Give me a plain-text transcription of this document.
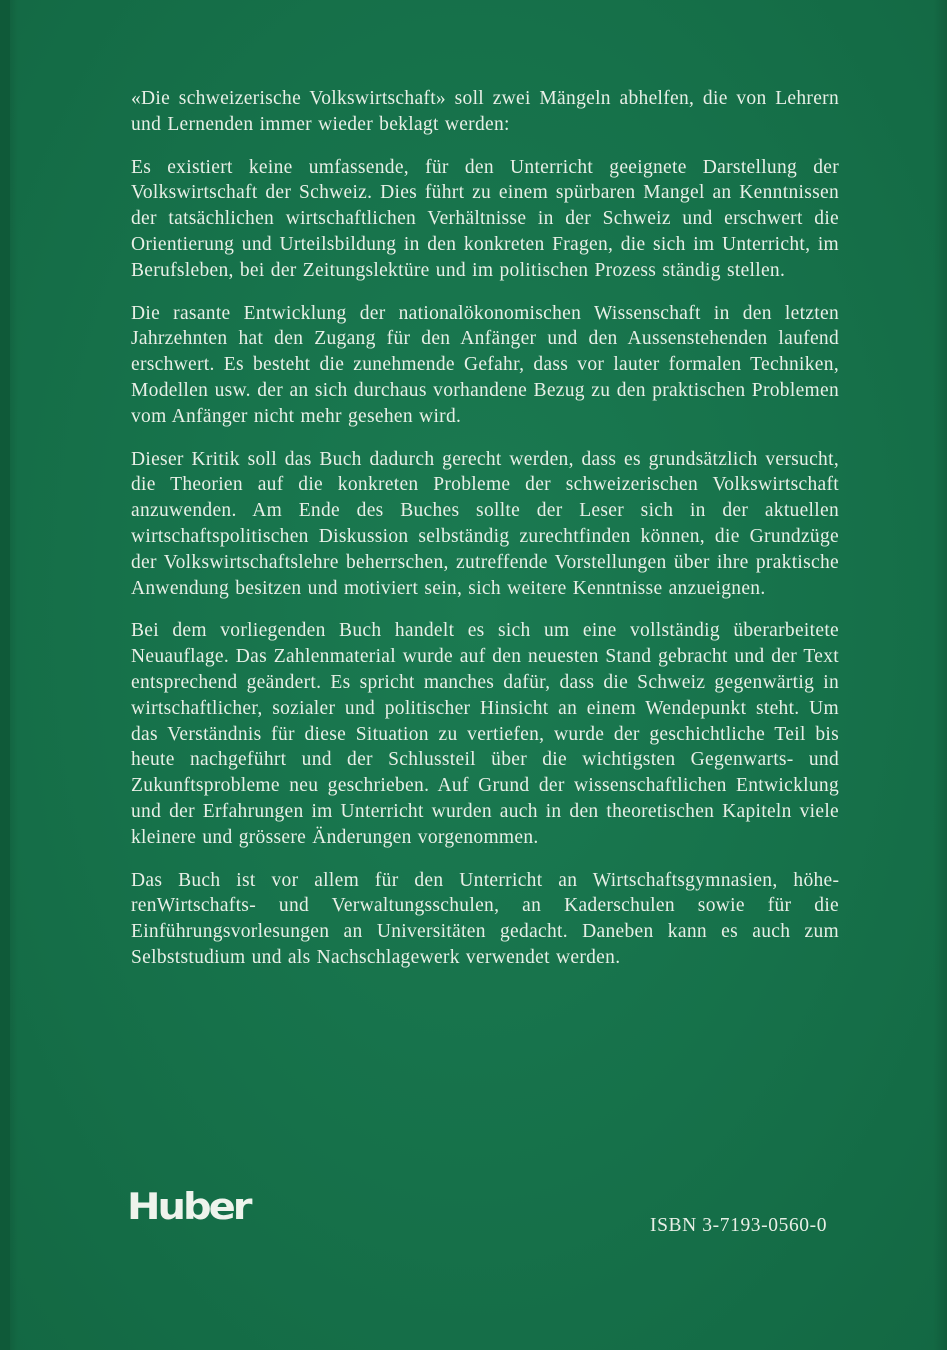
«Die schweizerische Volkswirtschaft» soll zwei Mängeln abhelfen, die von Lehrern und Lernenden immer wieder beklagt werden:

Es existiert keine umfassende, für den Unterricht geeignete Darstellung der Volkswirtschaft der Schweiz. Dies führt zu einem spürbaren Mangel an Kenntnissen der tatsächlichen wirtschaftlichen Verhältnisse in der Schweiz und erschwert die Orientierung und Urteilsbildung in den konkreten Fragen, die sich im Unterricht, im Berufsleben, bei der Zeitungslektüre und im politischen Prozess ständig stellen.

Die rasante Entwicklung der nationalökonomischen Wissenschaft in den letzten Jahrzehnten hat den Zugang für den Anfänger und den Aussenstehenden laufend erschwert. Es besteht die zunehmende Gefahr, dass vor lauter formalen Techniken, Modellen usw. der an sich durchaus vorhandene Bezug zu den praktischen Problemen vom Anfänger nicht mehr gesehen wird.

Dieser Kritik soll das Buch dadurch gerecht werden, dass es grundsätzlich versucht, die Theorien auf die konkreten Probleme der schweizerischen Volkswirtschaft anzuwenden. Am Ende des Buches sollte der Leser sich in der aktuellen wirtschaftspolitischen Diskussion selbständig zurechtfinden können, die Grundzüge der Volkswirtschaftslehre beherrschen, zutreffende Vorstellungen über ihre praktische Anwendung besitzen und motiviert sein, sich weitere Kenntnisse anzueignen.

Bei dem vorliegenden Buch handelt es sich um eine vollständig überarbeitete Neuauflage. Das Zahlenmaterial wurde auf den neuesten Stand gebracht und der Text entsprechend geändert. Es spricht manches dafür, dass die Schweiz gegenwärtig in wirtschaftlicher, sozialer und politischer Hinsicht an einem Wendepunkt steht. Um das Verständnis für diese Situation zu vertiefen, wurde der geschichtliche Teil bis heute nachgeführt und der Schlussteil über die wichtigsten Gegenwarts- und Zukunftsprobleme neu geschrieben. Auf Grund der wissenschaftlichen Entwicklung und der Erfahrungen im Unterricht wurden auch in den theoretischen Kapiteln viele kleinere und grössere Änderungen vorgenommen.

Das Buch ist vor allem für den Unterricht an Wirtschaftsgymnasien, höherenWirtschafts- und Verwaltungsschulen, an Kaderschulen sowie für die Einführungsvorlesungen an Universitäten gedacht. Daneben kann es auch zum Selbststudium und als Nachschlagewerk verwendet werden.

Huber	ISBN 3-7193-0560-0
